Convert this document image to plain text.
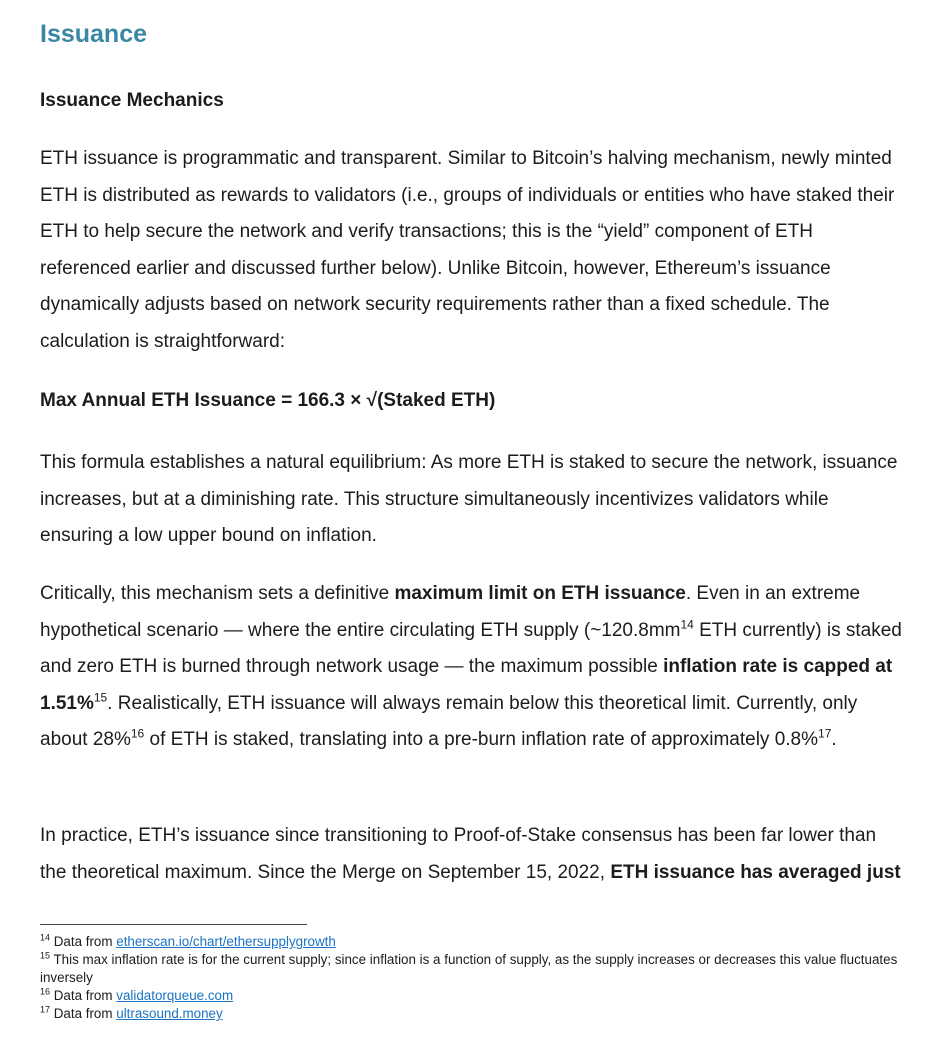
Issuance
Issuance Mechanics

ETH issuance is programmatic and transparent. Similar to Bitcoin’s halving mechanism, newly minted ETH is distributed as rewards to validators (i.e., groups of individuals or entities who have staked their ETH to help secure the network and verify transactions; this is the “yield” component of ETH referenced earlier and discussed further below). Unlike Bitcoin, however, Ethereum’s issuance dynamically adjusts based on network security requirements rather than a fixed schedule. The calculation is straightforward:

Max Annual ETH Issuance = 166.3 × √(Staked ETH)

This formula establishes a natural equilibrium: As more ETH is staked to secure the network, issuance increases, but at a diminishing rate. This structure simultaneously incentivizes validators while ensuring a low upper bound on inflation.

Critically, this mechanism sets a definitive maximum limit on ETH issuance. Even in an extreme hypothetical scenario — where the entire circulating ETH supply ($\sim 120.8mm^{14}$ ETH currently) is staked and zero ETH is burned through network usage — the maximum possible inflation rate is capped at 1.51%$^{15}$. Realistically, ETH issuance will always remain below this theoretical limit. Currently, only about 28%$^{16}$ of ETH is staked, translating into a pre-burn inflation rate of approximately 0.8%$^{17}$.

In practice, ETH’s issuance since transitioning to Proof-of-Stake consensus has been far lower than the theoretical maximum. Since the Merge on September 15, 2022, ETH issuance has averaged just

$^{14}$ Data from etherscan.io/chart/ethersupplygrowth
$^{15}$ This max inflation rate is for the current supply; since inflation is a function of supply, as the supply increases or decreases this value fluctuates inversely
$^{16}$ Data from validatorqueue.com
$^{17}$ Data from ultrasound.money
